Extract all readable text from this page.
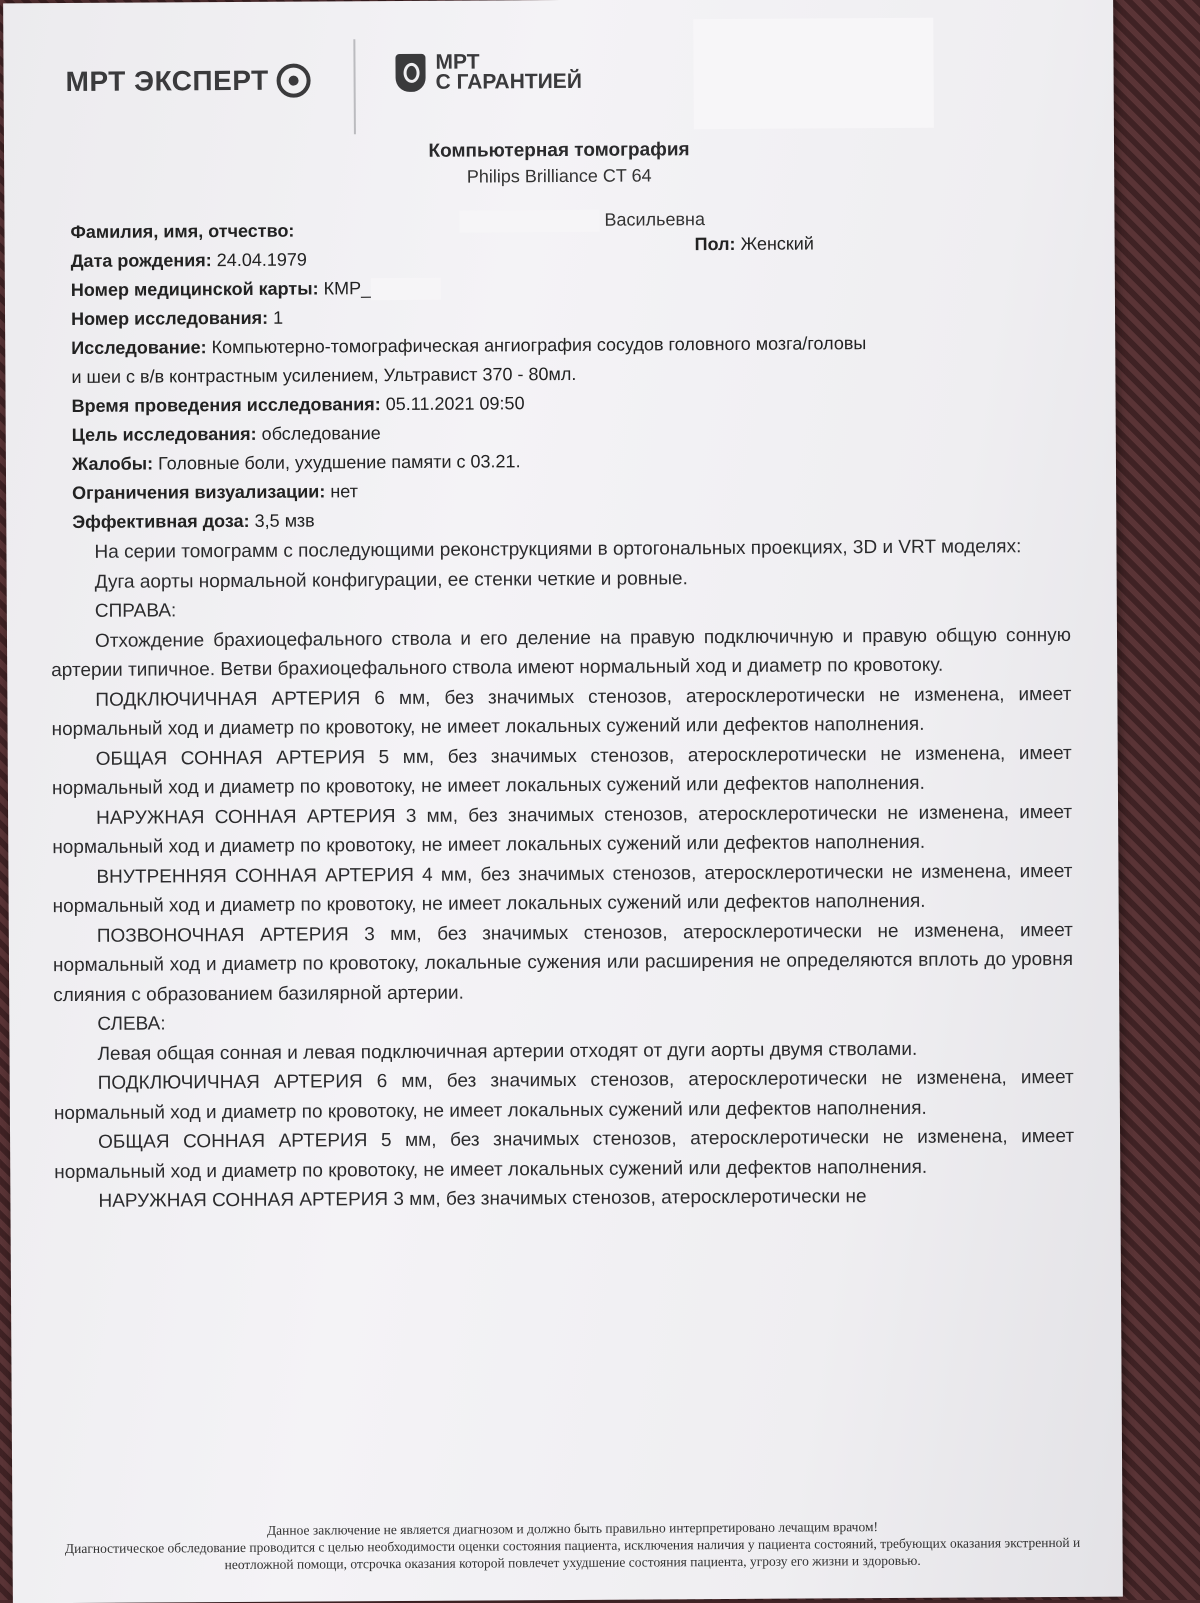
МРТ ЭКСПЕРТ
МРТ
С ГАРАНТИЕЙ
Компьютерная томография
Philips Brilliance CT 64
Васильевна
Пол: Женский
Фамилия, имя, отчество:
Дата рождения: 24.04.1979
Номер медицинской карты: КМР_
Номер исследования: 1
Исследование: Компьютерно-томографическая ангиография сосудов головного мозга/головы
и шеи с в/в контрастным усилением, Ультравист 370 - 80мл.
Время проведения исследования: 05.11.2021 09:50
Цель исследования: обследование
Жалобы: Головные боли, ухудшение памяти с 03.21.
Ограничения визуализации: нет
Эффективная доза: 3,5 мзв

На серии томограмм с последующими реконструкциями в ортогональных проекциях, 3D и VRT моделях:

Дуга аорты нормальной конфигурации, ее стенки четкие и ровные.

СПРАВА:

Отхождение брахиоцефального ствола и его деление на правую подключичную и правую общую сонную артерии типичное. Ветви брахиоцефального ствола имеют нормальный ход и диаметр по кровотоку.

ПОДКЛЮЧИЧНАЯ АРТЕРИЯ 6 мм, без значимых стенозов, атеросклеротически не изменена, имеет нормальный ход и диаметр по кровотоку, не имеет локальных сужений или дефектов наполнения.

ОБЩАЯ СОННАЯ АРТЕРИЯ 5 мм, без значимых стенозов, атеросклеротически не изменена, имеет нормальный ход и диаметр по кровотоку, не имеет локальных сужений или дефектов наполнения.

НАРУЖНАЯ СОННАЯ АРТЕРИЯ 3 мм, без значимых стенозов, атеросклеротически не изменена, имеет нормальный ход и диаметр по кровотоку, не имеет локальных сужений или дефектов наполнения.

ВНУТРЕННЯЯ СОННАЯ АРТЕРИЯ 4 мм, без значимых стенозов, атеросклеротически не изменена, имеет нормальный ход и диаметр по кровотоку, не имеет локальных сужений или дефектов наполнения.

ПОЗВОНОЧНАЯ АРТЕРИЯ 3 мм, без значимых стенозов, атеросклеротически не изменена, имеет нормальный ход и диаметр по кровотоку, локальные сужения или расширения не определяются вплоть до уровня слияния с образованием базилярной артерии.

СЛЕВА:

Левая общая сонная и левая подключичная артерии отходят от дуги аорты двумя стволами.

ПОДКЛЮЧИЧНАЯ АРТЕРИЯ 6 мм, без значимых стенозов, атеросклеротически не изменена, имеет нормальный ход и диаметр по кровотоку, не имеет локальных сужений или дефектов наполнения.

ОБЩАЯ СОННАЯ АРТЕРИЯ 5 мм, без значимых стенозов, атеросклеротически не изменена, имеет нормальный ход и диаметр по кровотоку, не имеет локальных сужений или дефектов наполнения.

НАРУЖНАЯ СОННАЯ АРТЕРИЯ 3 мм, без значимых стенозов, атеросклеротически не

Данное заключение не является диагнозом и должно быть правильно интерпретировано лечащим врачом!
Диагностическое обследование проводится с целью необходимости оценки состояния пациента, исключения наличия у пациента состояний, требующих оказания экстренной и неотложной помощи, отсрочка оказания которой повлечет ухудшение состояния пациента, угрозу его жизни и здоровью.
